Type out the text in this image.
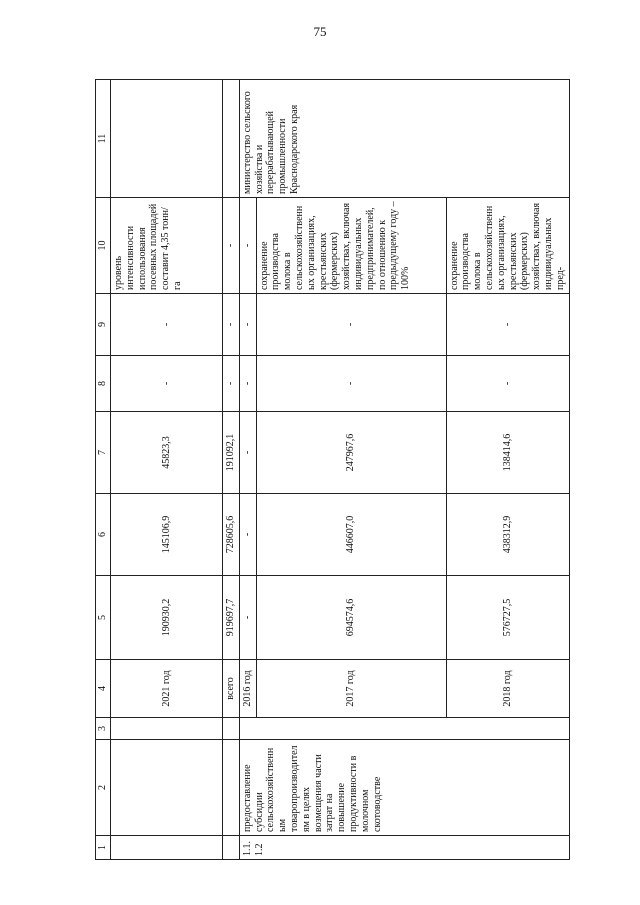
75
1	2	3	4	5	6	7	8	9	10	11
			2021 год	190930,2	145106,9	45823,3	-	-	уровень интенсивности использования посевных площадей составит 4,35 тонн/га	
			всего	919697,7	728605,6	191092,1	-	-	-	
1.1.1.2	предоставление субсидии сельскохозяйственным товаропроизводителям в целях возмещения части затрат на повышение продуктивности в молочном скотоводстве		2016 год	-	-	-	-	-	-	министерство сельского хозяйства и перерабатывающей промышленности Краснодарского края
			2017 год	694574,6	446607,0	247967,6	-	-	сохранение производства молока в сельскохозяйственных организациях, крестьянских (фермерских) хозяйствах, включая индивидуальных предпринимателей, по отношению к предыдущему году – 100%	
			2018 год	576727,5	438312,9	138414,6	-	-	сохранение производства молока в сельскохозяйственных организациях, крестьянских (фермерских) хозяйствах, включая индивидуальных пред-	
